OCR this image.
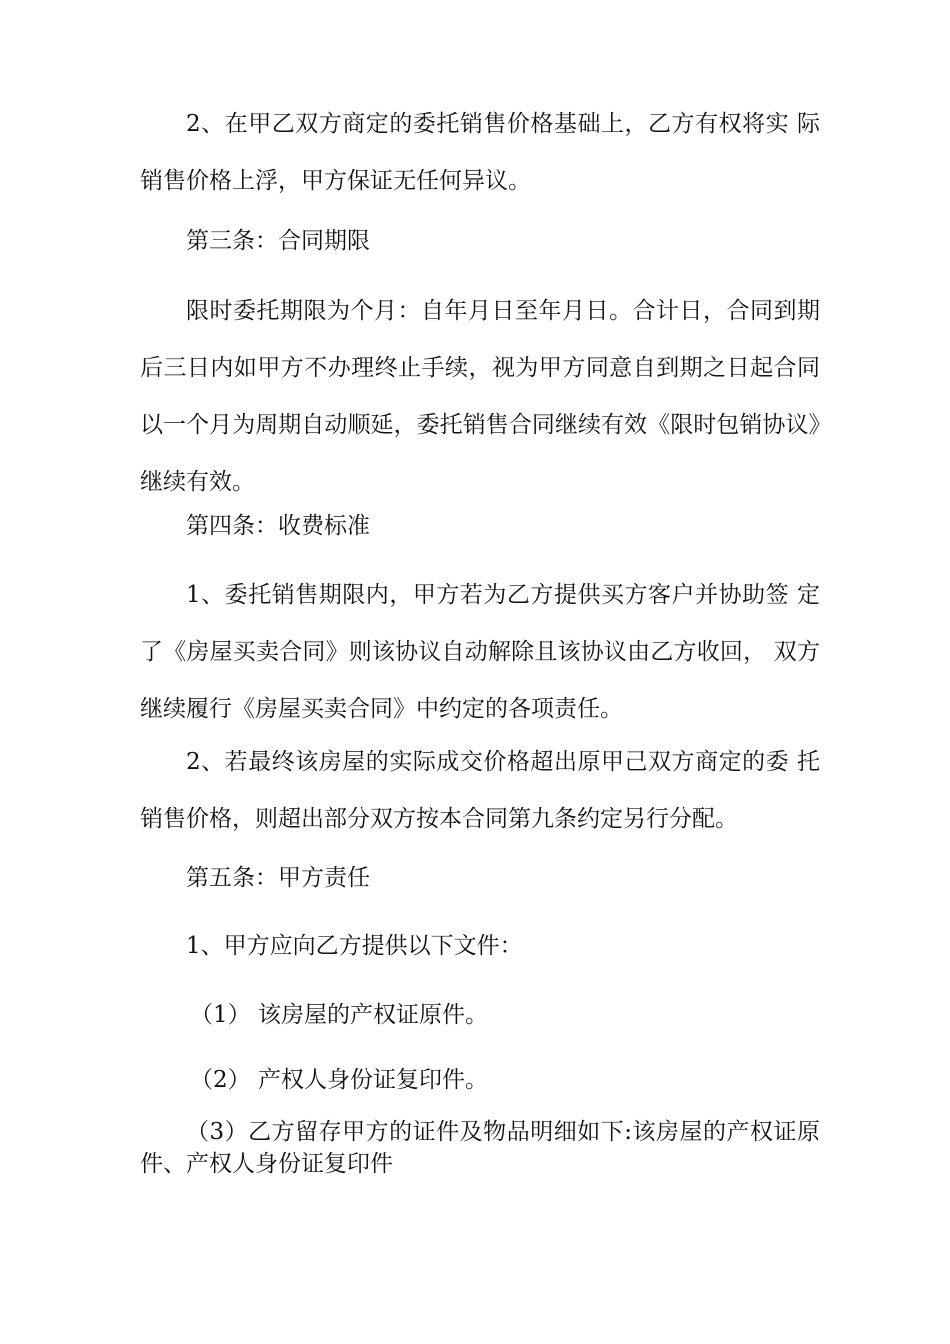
2、在甲乙双方商定的委托销售价格基础上，乙方有权将实 际销售价格上浮，甲方保证无任何异议。

第三条：合同期限

限时委托期限为个月：自年月日至年月日。合计日，合同到期后三日内如甲方不办理终止手续，视为甲方同意自到期之日起合同以一个月为周期自动顺延，委托销售合同继续有效《限时包销协议》继续有效。

第四条：收费标准

1、委托销售期限内，甲方若为乙方提供买方客户并协助签 定了《房屋买卖合同》则该协议自动解除且该协议由乙方收回， 双方继续履行《房屋买卖合同》中约定的各项责任。

2、若最终该房屋的实际成交价格超出原甲己双方商定的委 托销售价格，则超出部分双方按本合同第九条约定另行分配。

第五条：甲方责任

1、甲方应向乙方提供以下文件：

（1） 该房屋的产权证原件。

（2） 产权人身份证复印件。

（3）乙方留存甲方的证件及物品明细如下:该房屋的产权证原件、产权人身份证复印件
